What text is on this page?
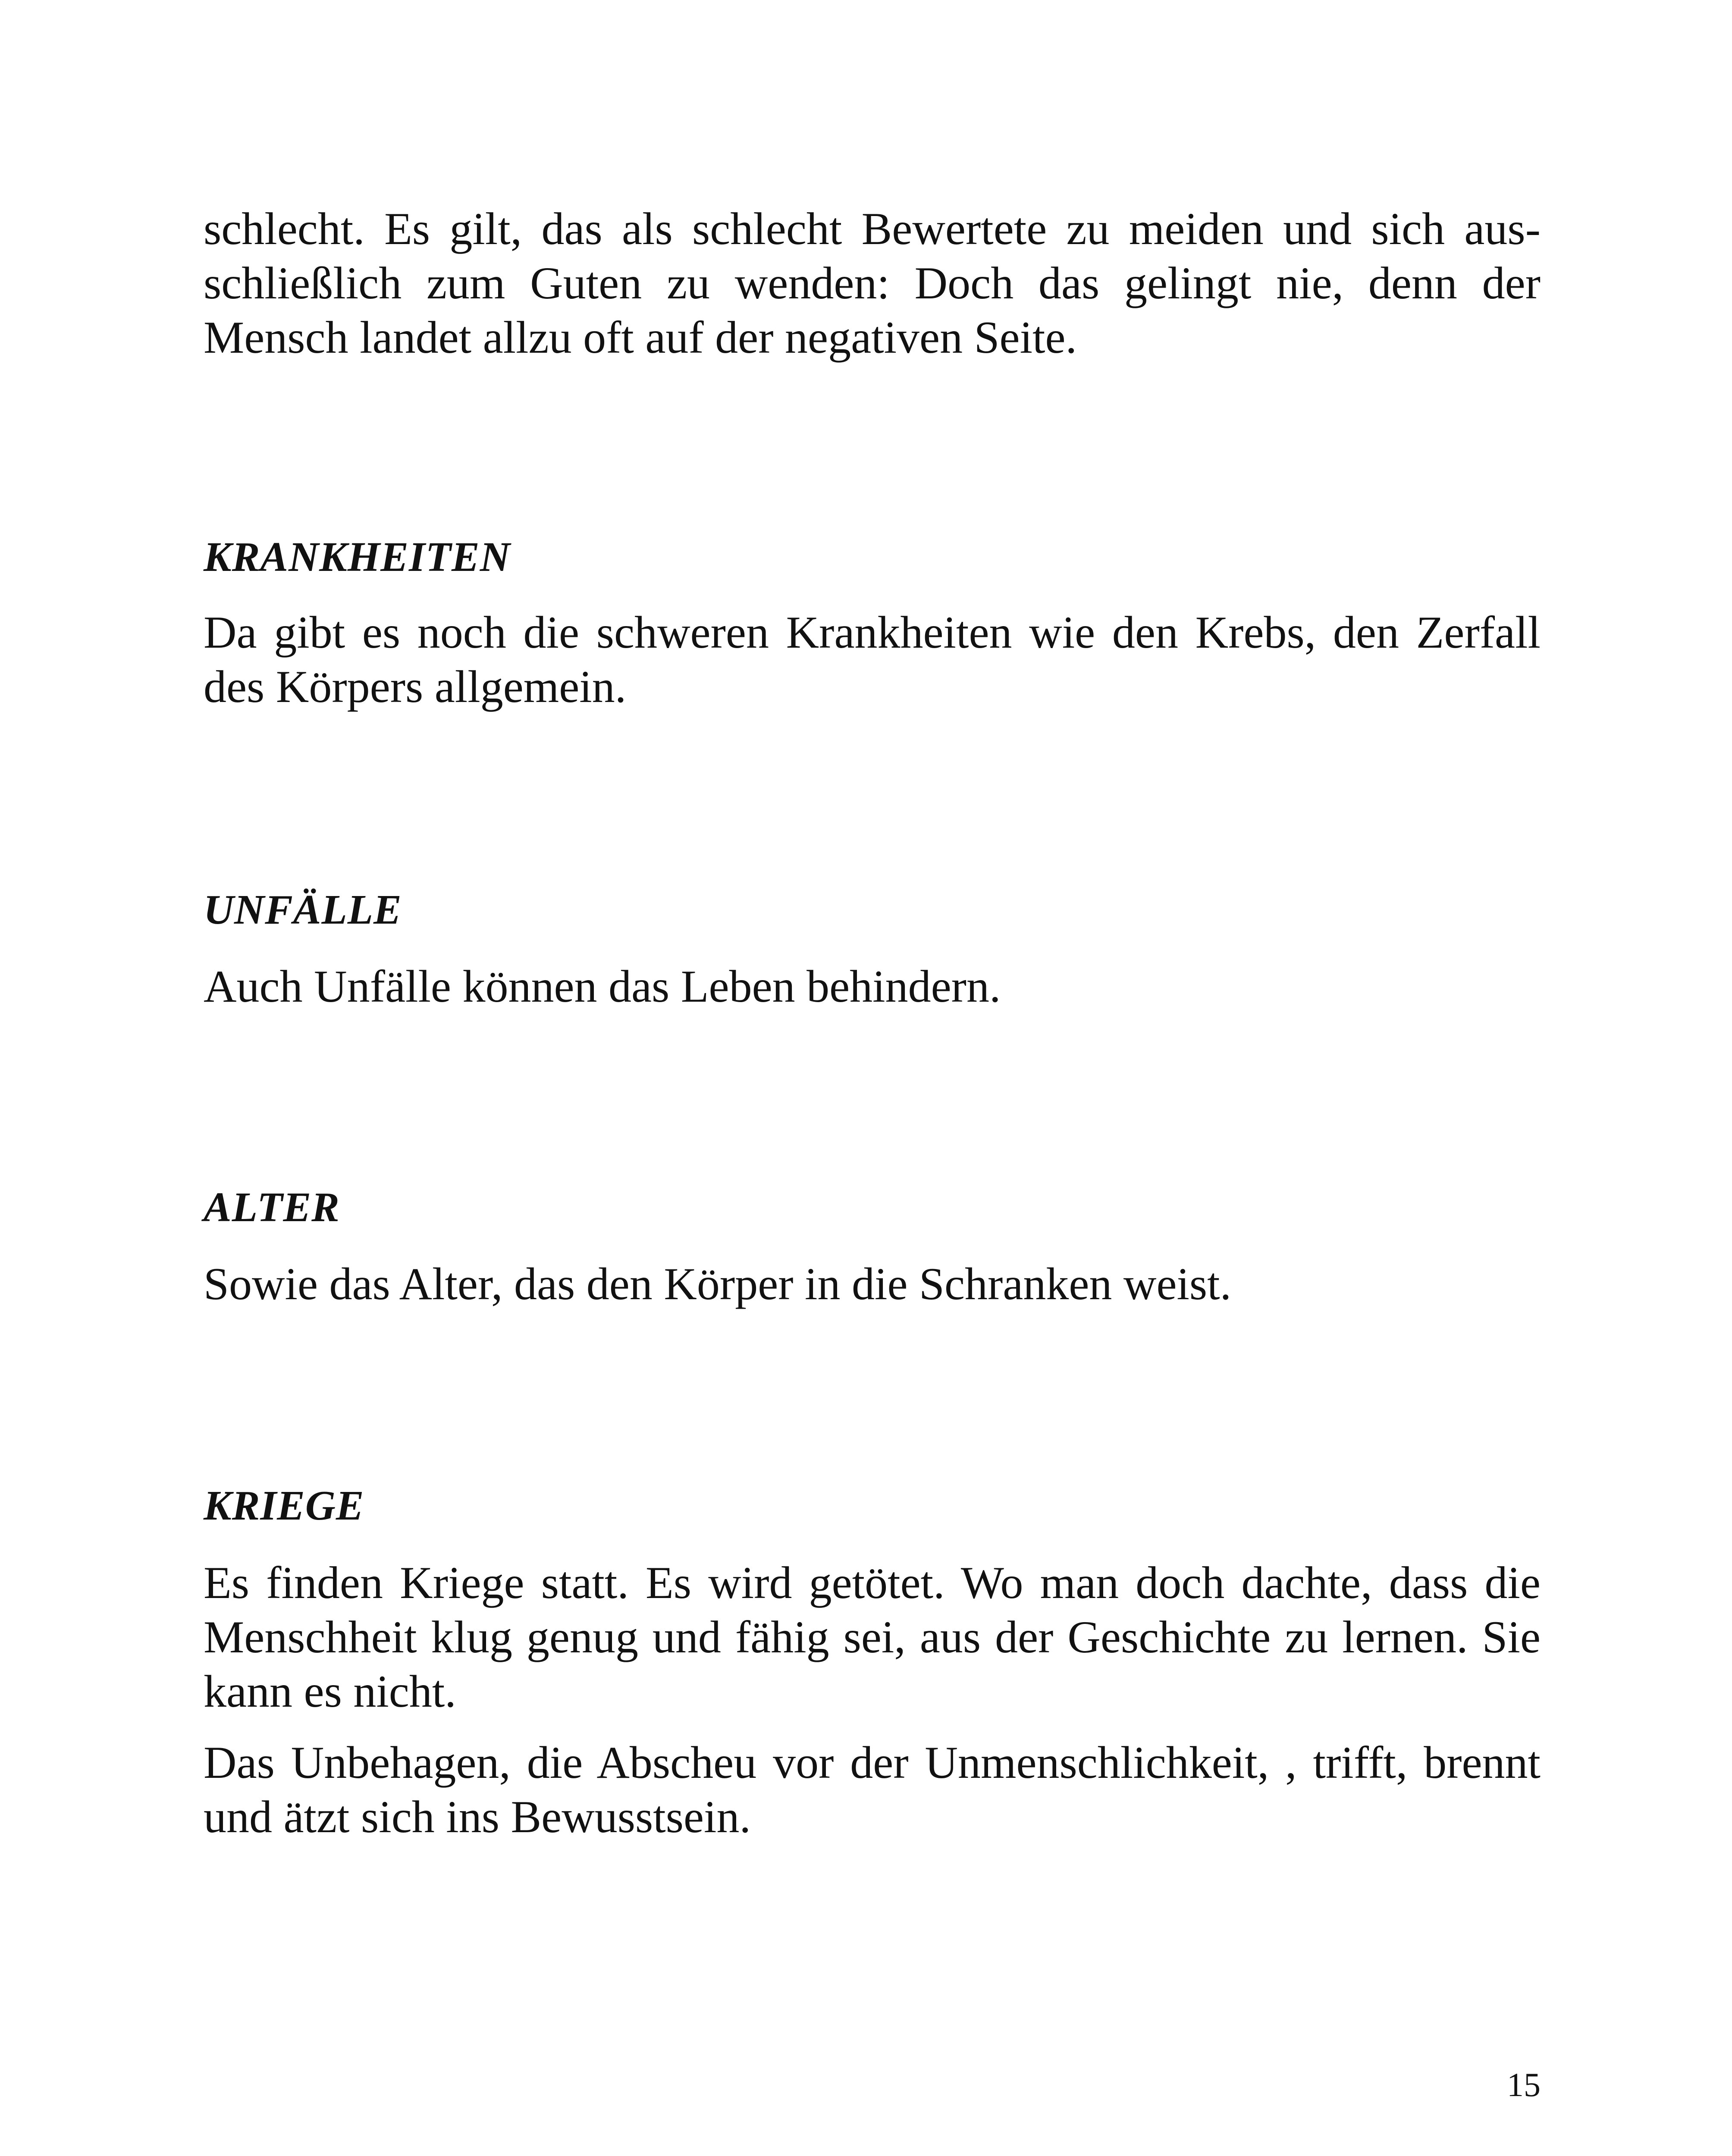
schlecht. Es gilt, das als schlecht Bewertete zu meiden und sich ausschließlich zum Guten zu wenden: Doch das gelingt nie, denn der Mensch landet allzu oft auf der negativen Seite.

KRANKHEITEN

Da gibt es noch die schweren Krankheiten wie den Krebs, den Zerfall des Körpers allgemein.

UNFÄLLE

Auch Unfälle können das Leben behindern.

ALTER

Sowie das Alter, das den Körper in die Schranken weist.

KRIEGE

Es finden Kriege statt. Es wird getötet. Wo man doch dachte, dass die Menschheit klug genug und fähig sei, aus der Geschichte zu lernen. Sie kann es nicht.

Das Unbehagen, die Abscheu vor der Unmenschlichkeit, , trifft, brennt und ätzt sich ins Bewusstsein.

15
